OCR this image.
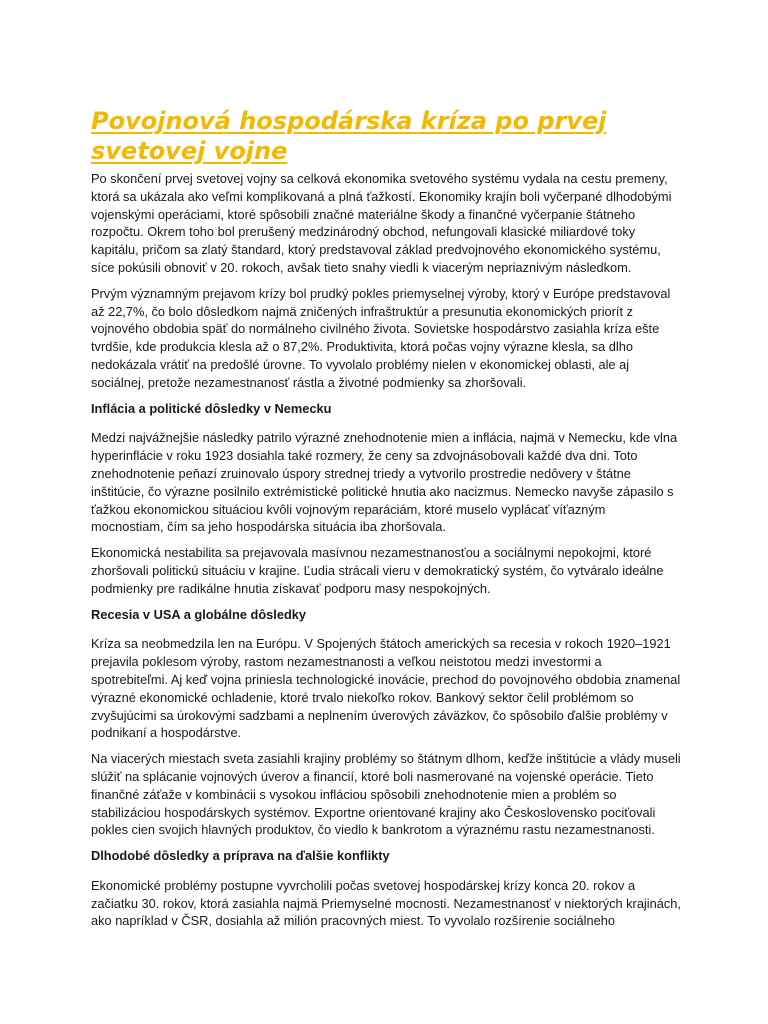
Povojnová hospodárska kríza po prvej svetovej vojne

Po skončení prvej svetovej vojny sa celková ekonomika svetového systému vydala na cestu premeny, ktorá sa ukázala ako veľmi komplikovaná a plná ťažkostí. Ekonomiky krajín boli vyčerpané dlhodobými vojenskými operáciami, ktoré spôsobili značné materiálne škody a finančné vyčerpanie štátneho rozpočtu. Okrem toho bol prerušený medzinárodný obchod, nefungovali klasické miliardové toky kapitálu, pričom sa zlatý štandard, ktorý predstavoval základ predvojnového ekonomického systému, síce pokúsili obnoviť v 20. rokoch, avšak tieto snahy viedli k viacerým nepriaznivým následkom.

Prvým významným prejavom krízy bol prudký pokles priemyselnej výroby, ktorý v Európe predstavoval až 22,7%, čo bolo dôsledkom najmä zničených infraštruktúr a presunutia ekonomických priorít z vojnového obdobia späť do normálneho civilného života. Sovietske hospodárstvo zasiahla kríza ešte tvrdšie, kde produkcia klesla až o 87,2%. Produktivita, ktorá počas vojny výrazne klesla, sa dlho nedokázala vrátiť na predošlé úrovne. To vyvolalo problémy nielen v ekonomickej oblasti, ale aj sociálnej, pretože nezamestnanosť rástla a životné podmienky sa zhoršovali.

Inflácia a politické dôsledky v Nemecku

Medzi najvážnejšie následky patrilo výrazné znehodnotenie mien a inflácia, najmä v Nemecku, kde vlna hyperinflácie v roku 1923 dosiahla také rozmery, že ceny sa zdvojnásobovali každé dva dni. Toto znehodnotenie peňazí zruinovalo úspory strednej triedy a vytvorilo prostredie nedôvery v štátne inštitúcie, čo výrazne posilnilo extrémistické politické hnutia ako nacizmus. Nemecko navyše zápasilo s ťažkou ekonomickou situáciou kvôli vojnovým reparáciám, ktoré muselo vyplácať víťazným mocnostiam, čím sa jeho hospodárska situácia iba zhoršovala.

Ekonomická nestabilita sa prejavovala masívnou nezamestnanosťou a sociálnymi nepokojmi, ktoré zhoršovali politickú situáciu v krajine. Ľudia strácali vieru v demokratický systém, čo vytváralo ideálne podmienky pre radikálne hnutia získavať podporu masy nespokojných.

Recesia v USA a globálne dôsledky

Kríza sa neobmedzila len na Európu. V Spojených štátoch amerických sa recesia v rokoch 1920–1921 prejavila poklesom výroby, rastom nezamestnanosti a veľkou neistotou medzi investormi a spotrebiteľmi. Aj keď vojna priniesla technologické inovácie, prechod do povojnového obdobia znamenal výrazné ekonomické ochladenie, ktoré trvalo niekoľko rokov. Bankový sektor čelil problémom so zvyšujúcimi sa úrokovými sadzbami a neplnením úverových záväzkov, čo spôsobilo ďalšie problémy v podnikaní a hospodárstve.

Na viacerých miestach sveta zasiahli krajiny problémy so štátnym dlhom, keďže inštitúcie a vlády museli slúžiť na splácanie vojnových úverov a financií, ktoré boli nasmerované na vojenské operácie. Tieto finančné záťaže v kombinácii s vysokou infláciou spôsobili znehodnotenie mien a problém so stabilizáciou hospodárskych systémov. Exportne orientované krajiny ako Československo pociťovali pokles cien svojich hlavných produktov, čo viedlo k bankrotom a výraznému rastu nezamestnanosti.

Dlhodobé dôsledky a príprava na ďalšie konflikty

Ekonomické problémy postupne vyvrcholili počas svetovej hospodárskej krízy konca 20. rokov a začiatku 30. rokov, ktorá zasiahla najmä Priemyselné mocnosti. Nezamestnanosť v niektorých krajinách, ako napríklad v ČSR, dosiahla až milión pracovných miest. To vyvolalo rozšírenie sociálneho
